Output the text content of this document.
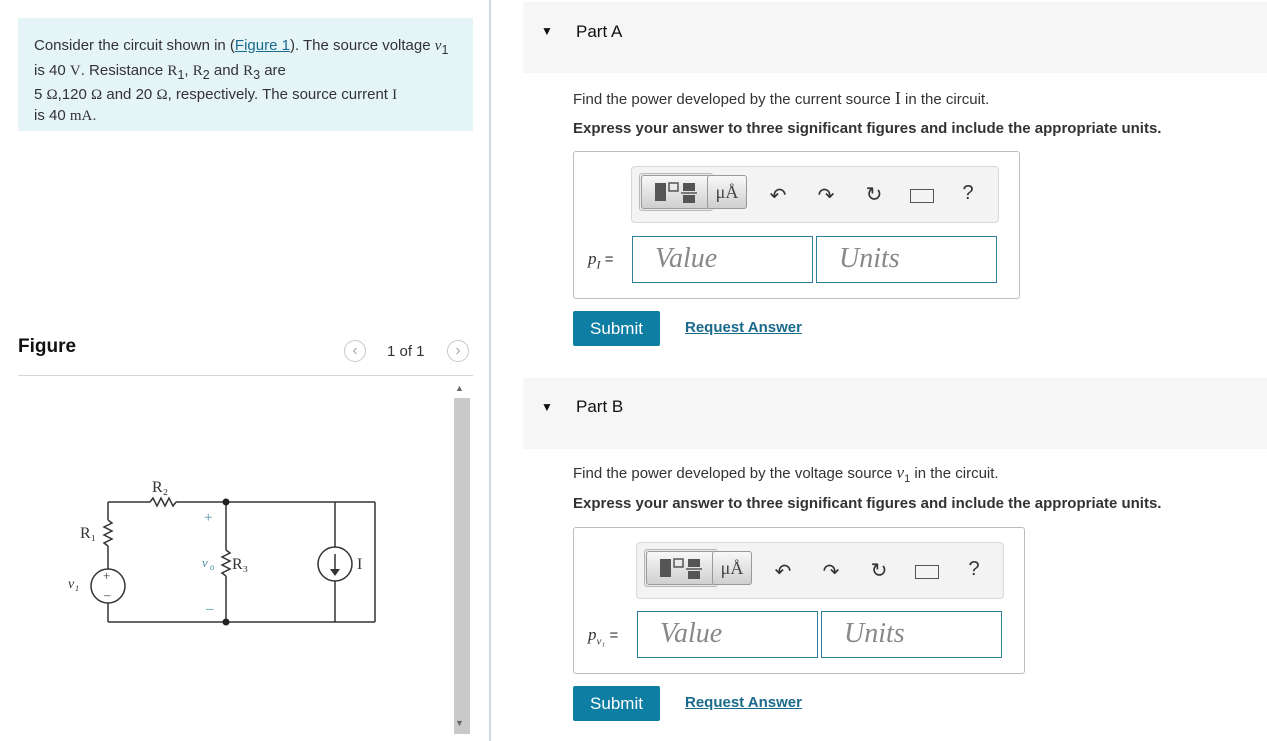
Consider the circuit shown in (Figure 1). The source voltage $v_1$ is 40 V. Resistance $R_1$, $R_2$ and $R_3$ are
5 Ω,120 Ω and 20 Ω, respectively. The source current I
is 40 mA.
Figure	‹	1 of 1	›
R₂
R₁
R₃
v₁
v o	I
+
–
+
–
▲
▼
▼ Part A
Find the power developed by the current source I in the circuit.
Express your answer to three significant figures and include the appropriate units.
μÅ	↶ ↷ ↻	?
$p_I$ =	Value	Units
Submit	Request Answer
▼ Part B
Find the power developed by the voltage source $v_1$ in the circuit.
Express your answer to three significant figures and include the appropriate units.
μÅ	↶ ↷ ↻	?
$p_{v_1}$ =	Value	Units
Submit	Request Answer
